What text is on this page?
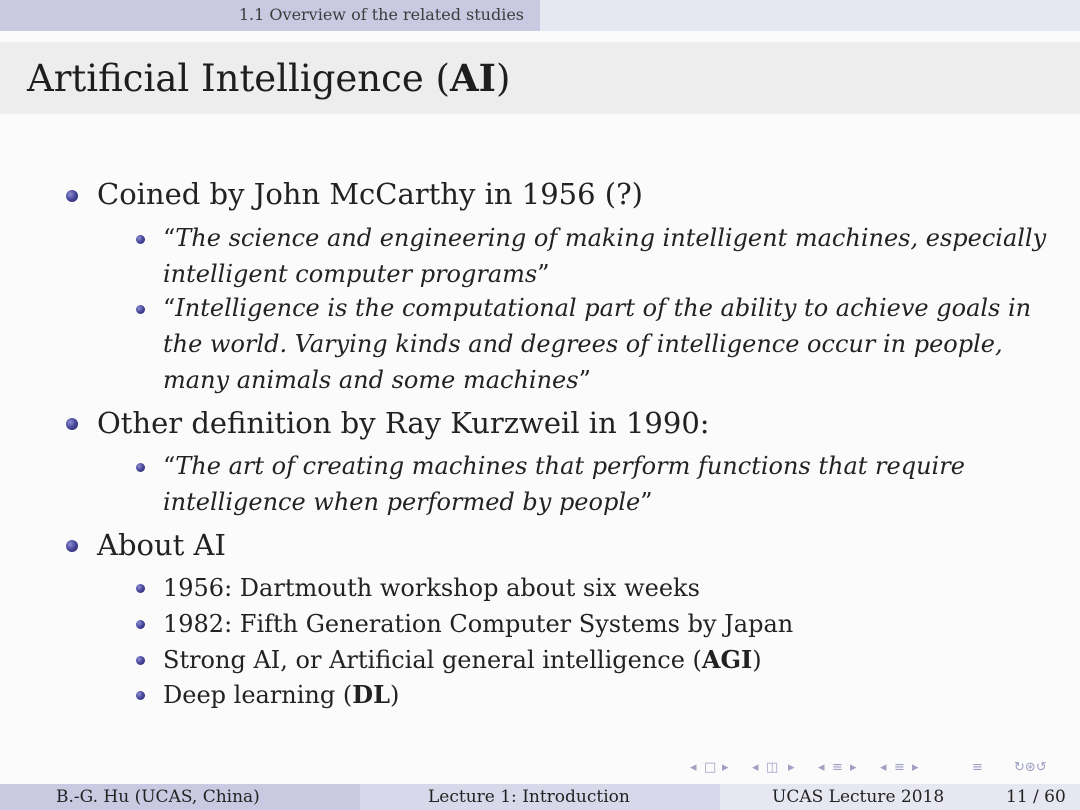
1.1 Overview of the related studies
Artificial Intelligence (AI)
Coined by John McCarthy in 1956 (?)
“The science and engineering of making intelligent machines, especially
intelligent computer programs”
“Intelligence is the computational part of the ability to achieve goals in
the world. Varying kinds and degrees of intelligence occur in people,
many animals and some machines”
Other definition by Ray Kurzweil in 1990:
“The art of creating machines that perform functions that require
intelligence when performed by people”
About AI
1956: Dartmouth workshop about six weeks
1982: Fifth Generation Computer Systems by Japan
Strong AI, or Artificial general intelligence (AGI)
Deep learning (DL)
◂ □ ▸ ◂ ◫ ▸ ◂ ≡ ▸ ◂ ≡ ▸	≡ ↻⊛↺
B.-G. Hu (UCAS, China)	Lecture 1: Introduction	UCAS Lecture 2018	11 / 60
